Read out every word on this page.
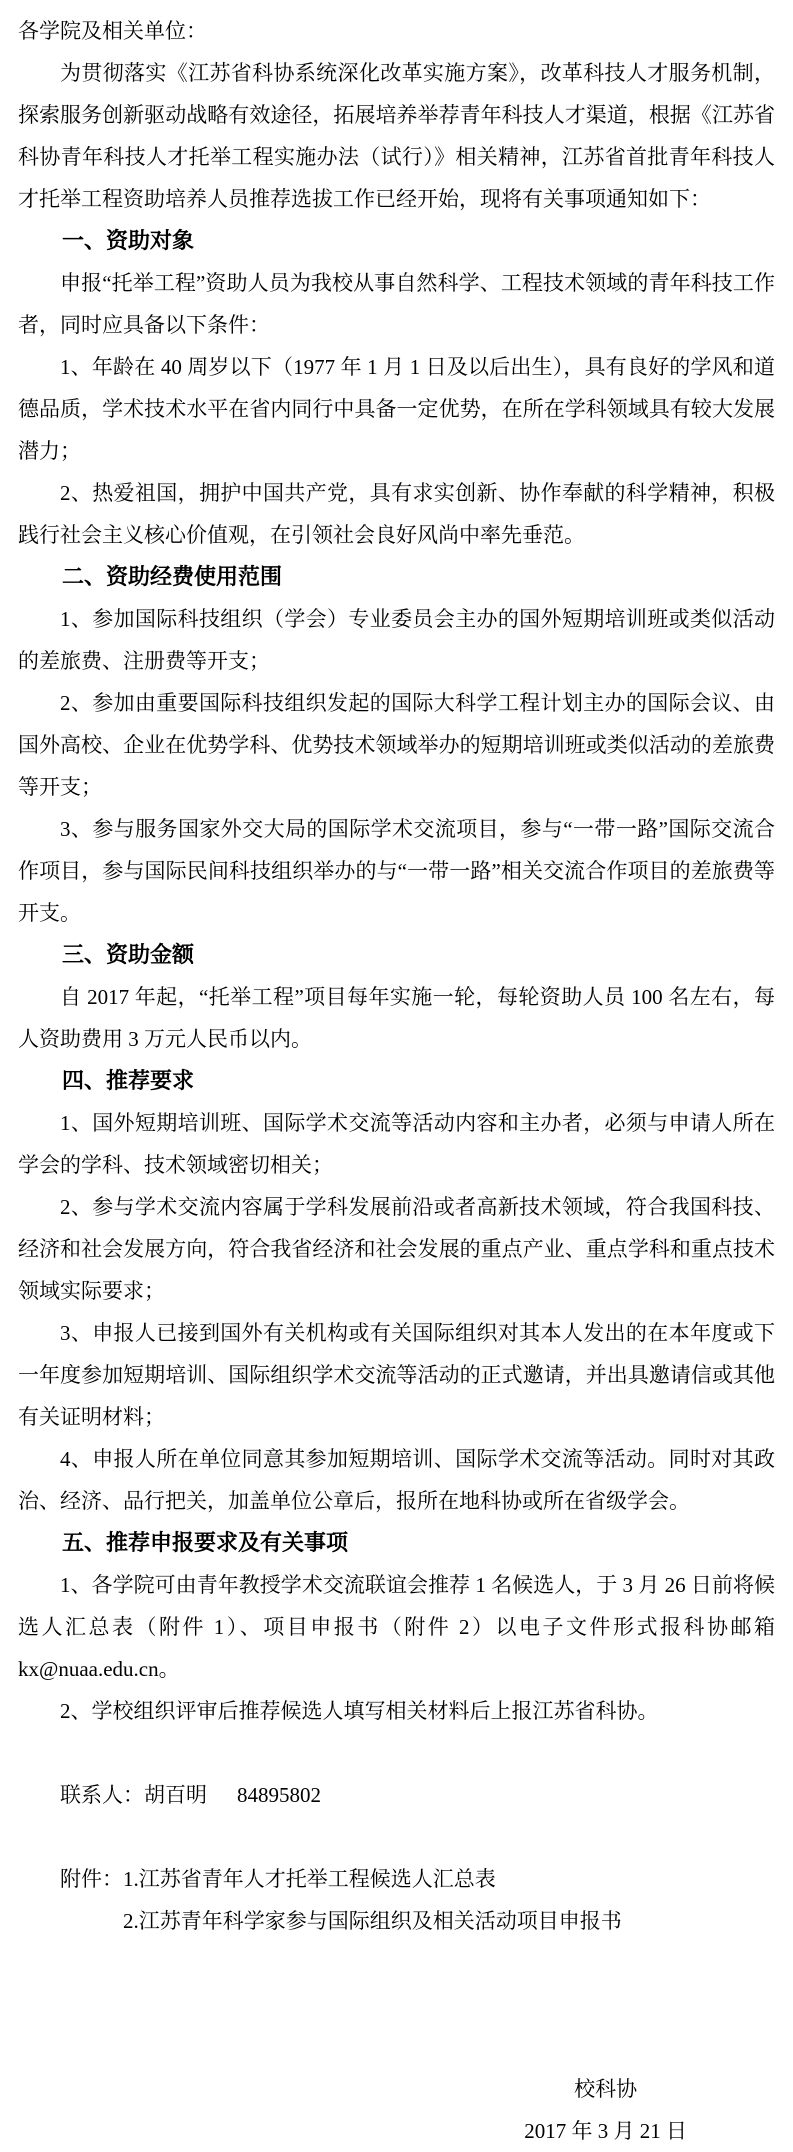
各学院及相关单位：

为贯彻落实《江苏省科协系统深化改革实施方案》，改革科技人才服务机制，探索服务创新驱动战略有效途径，拓展培养举荐青年科技人才渠道，根据《江苏省科协青年科技人才托举工程实施办法（试行）》相关精神，江苏省首批青年科技人才托举工程资助培养人员推荐选拔工作已经开始，现将有关事项通知如下：

一、资助对象

申报“托举工程”资助人员为我校从事自然科学、工程技术领域的青年科技工作者，同时应具备以下条件：

1、年龄在 40 周岁以下（1977 年 1 月 1 日及以后出生），具有良好的学风和道德品质，学术技术水平在省内同行中具备一定优势，在所在学科领域具有较大发展潜力；

2、热爱祖国，拥护中国共产党，具有求实创新、协作奉献的科学精神，积极践行社会主义核心价值观，在引领社会良好风尚中率先垂范。

二、资助经费使用范围

1、参加国际科技组织（学会）专业委员会主办的国外短期培训班或类似活动的差旅费、注册费等开支；

2、参加由重要国际科技组织发起的国际大科学工程计划主办的国际会议、由国外高校、企业在优势学科、优势技术领域举办的短期培训班或类似活动的差旅费等开支；

3、参与服务国家外交大局的国际学术交流项目，参与“一带一路”国际交流合作项目，参与国际民间科技组织举办的与“一带一路”相关交流合作项目的差旅费等开支。

三、资助金额

自 2017 年起，“托举工程”项目每年实施一轮，每轮资助人员 100 名左右，每人资助费用 3 万元人民币以内。

四、推荐要求

1、国外短期培训班、国际学术交流等活动内容和主办者，必须与申请人所在学会的学科、技术领域密切相关；

2、参与学术交流内容属于学科发展前沿或者高新技术领域，符合我国科技、经济和社会发展方向，符合我省经济和社会发展的重点产业、重点学科和重点技术领域实际要求；

3、申报人已接到国外有关机构或有关国际组织对其本人发出的在本年度或下一年度参加短期培训、国际组织学术交流等活动的正式邀请，并出具邀请信或其他有关证明材料；

4、申报人所在单位同意其参加短期培训、国际学术交流等活动。同时对其政治、经济、品行把关，加盖单位公章后，报所在地科协或所在省级学会。

五、推荐申报要求及有关事项

1、各学院可由青年教授学术交流联谊会推荐 1 名候选人，于 3 月 26 日前将候选人汇总表（附件 1）、项目申报书（附件 2）以电子文件形式报科协邮箱kx@nuaa.edu.cn。

2、学校组织评审后推荐候选人填写相关材料后上报江苏省科协。

联系人：胡百明 84895802
附件： 1.江苏省青年人才托举工程候选人汇总表
2.江苏青年科学家参与国际组织及相关活动项目申报书
校科协
2017 年 3 月 21 日
